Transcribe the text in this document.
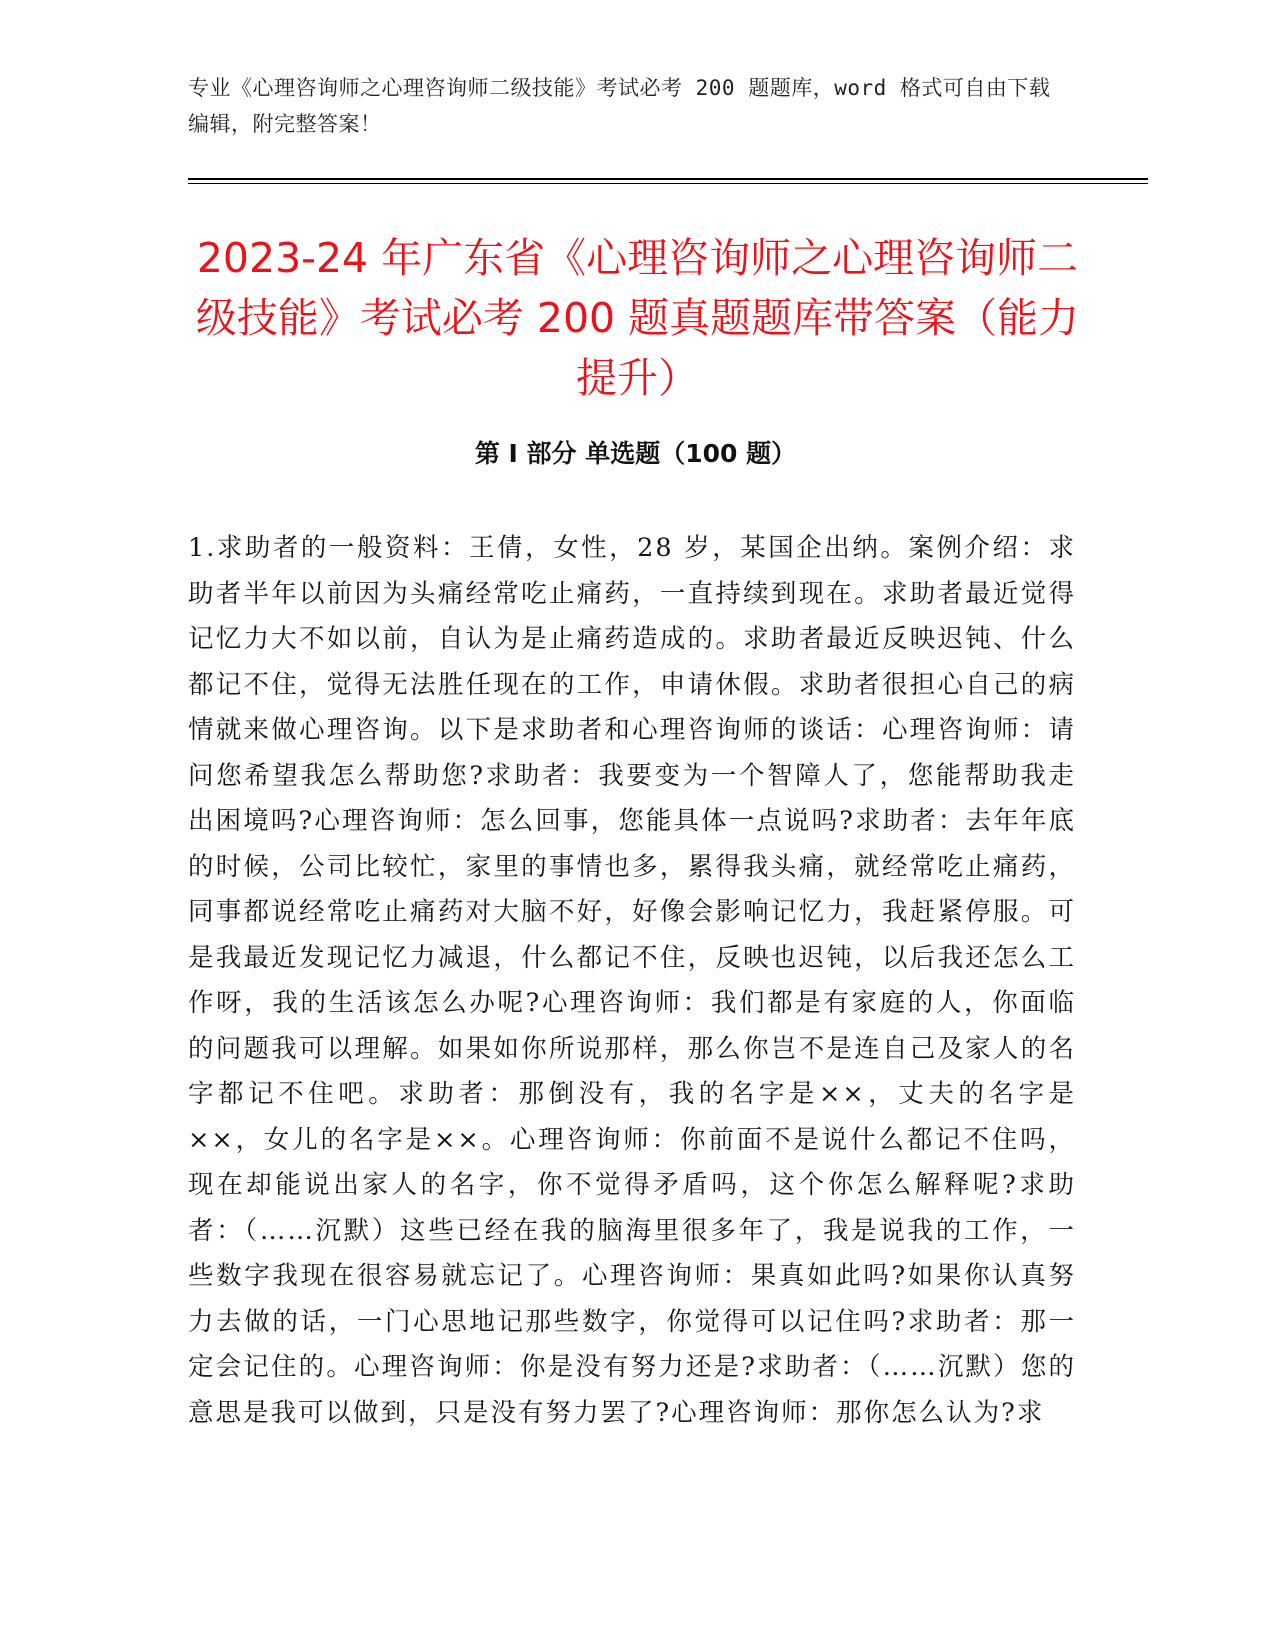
专业《心理咨询师之心理咨询师二级技能》考试必考 200 题题库，word 格式可自由下载编辑，附完整答案！
2023-24 年广东省《心理咨询师之心理咨询师二级技能》考试必考 200 题真题题库带答案（能力提升）
第 I 部分 单选题（100 题）

1.求助者的一般资料：王倩，女性，28 岁，某国企出纳。案例介绍：求助者半年以前因为头痛经常吃止痛药，一直持续到现在。求助者最近觉得记忆力大不如以前，自认为是止痛药造成的。求助者最近反映迟钝、什么都记不住，觉得无法胜任现在的工作，申请休假。求助者很担心自己的病情就来做心理咨询。以下是求助者和心理咨询师的谈话：心理咨询师：请问您希望我怎么帮助您?求助者：我要变为一个智障人了，您能帮助我走出困境吗?心理咨询师：怎么回事，您能具体一点说吗?求助者：去年年底的时候，公司比较忙，家里的事情也多，累得我头痛，就经常吃止痛药，同事都说经常吃止痛药对大脑不好，好像会影响记忆力，我赶紧停服。可是我最近发现记忆力减退，什么都记不住，反映也迟钝，以后我还怎么工作呀，我的生活该怎么办呢?心理咨询师：我们都是有家庭的人，你面临的问题我可以理解。如果如你所说那样，那么你岂不是连自己及家人的名字都记不住吧。求助者：那倒没有，我的名字是××，丈夫的名字是××，女儿的名字是××。心理咨询师：你前面不是说什么都记不住吗，现在却能说出家人的名字，你不觉得矛盾吗，这个你怎么解释呢?求助者：（……沉默）这些已经在我的脑海里很多年了，我是说我的工作，一些数字我现在很容易就忘记了。心理咨询师：果真如此吗?如果你认真努力去做的话，一门心思地记那些数字，你觉得可以记住吗?求助者：那一定会记住的。心理咨询师：你是没有努力还是?求助者：（……沉默）您的意思是我可以做到，只是没有努力罢了?心理咨询师：那你怎么认为?求
